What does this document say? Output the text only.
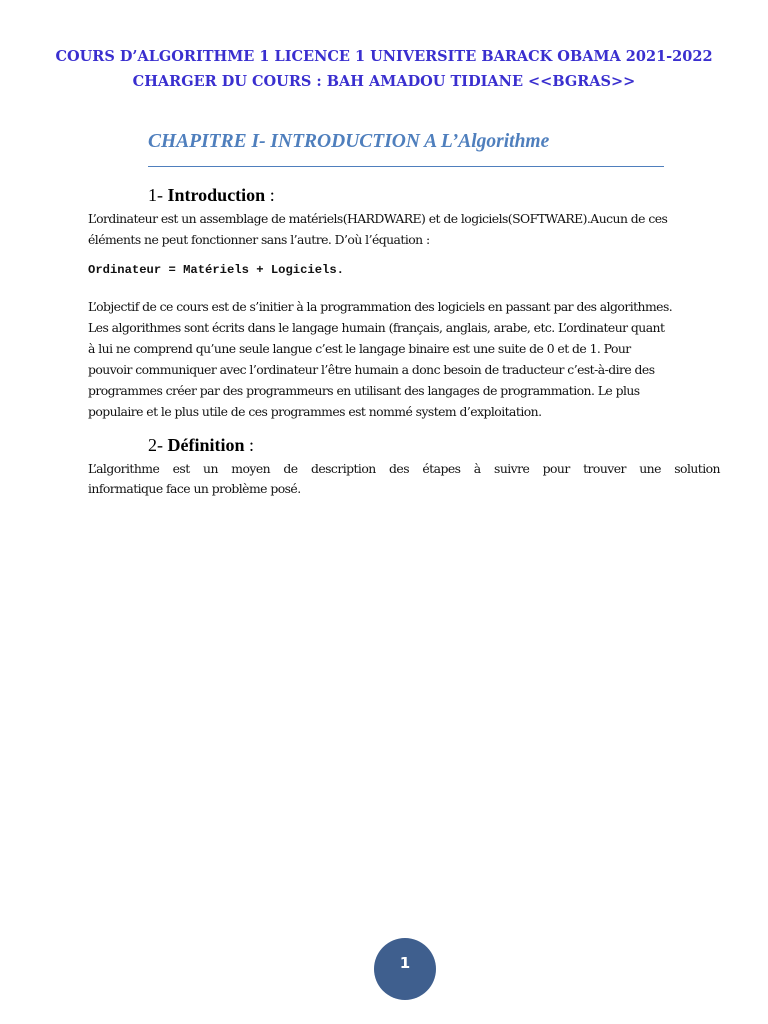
COURS D’ALGORITHME 1 LICENCE 1 UNIVERSITE BARACK OBAMA 2021-2022
CHARGER DU COURS : BAH AMADOU TIDIANE <<BGRAS>>
CHAPITRE I- INTRODUCTION A L’Algorithme
1- Introduction :
L’ordinateur est un assemblage de matériels(HARDWARE) et de logiciels(SOFTWARE).Aucun de ces
éléments ne peut fonctionner sans l’autre. D’où l’équation :
Ordinateur = Matériels + Logiciels.
L’objectif de ce cours est de s’initier à la programmation des logiciels en passant par des algorithmes.
Les algorithmes sont écrits dans le langage humain (français, anglais, arabe, etc. L’ordinateur quant
à lui ne comprend qu’une seule langue c’est le langage binaire est une suite de 0 et de 1. Pour
pouvoir communiquer avec l’ordinateur l’être humain a donc besoin de traducteur c’est-à-dire des
programmes créer par des programmeurs en utilisant des langages de programmation. Le plus
populaire et le plus utile de ces programmes est nommé system d’exploitation.
2- Définition :
L’algorithme est un moyen de description des étapes à suivre pour trouver une solution
informatique face un problème posé.
1
